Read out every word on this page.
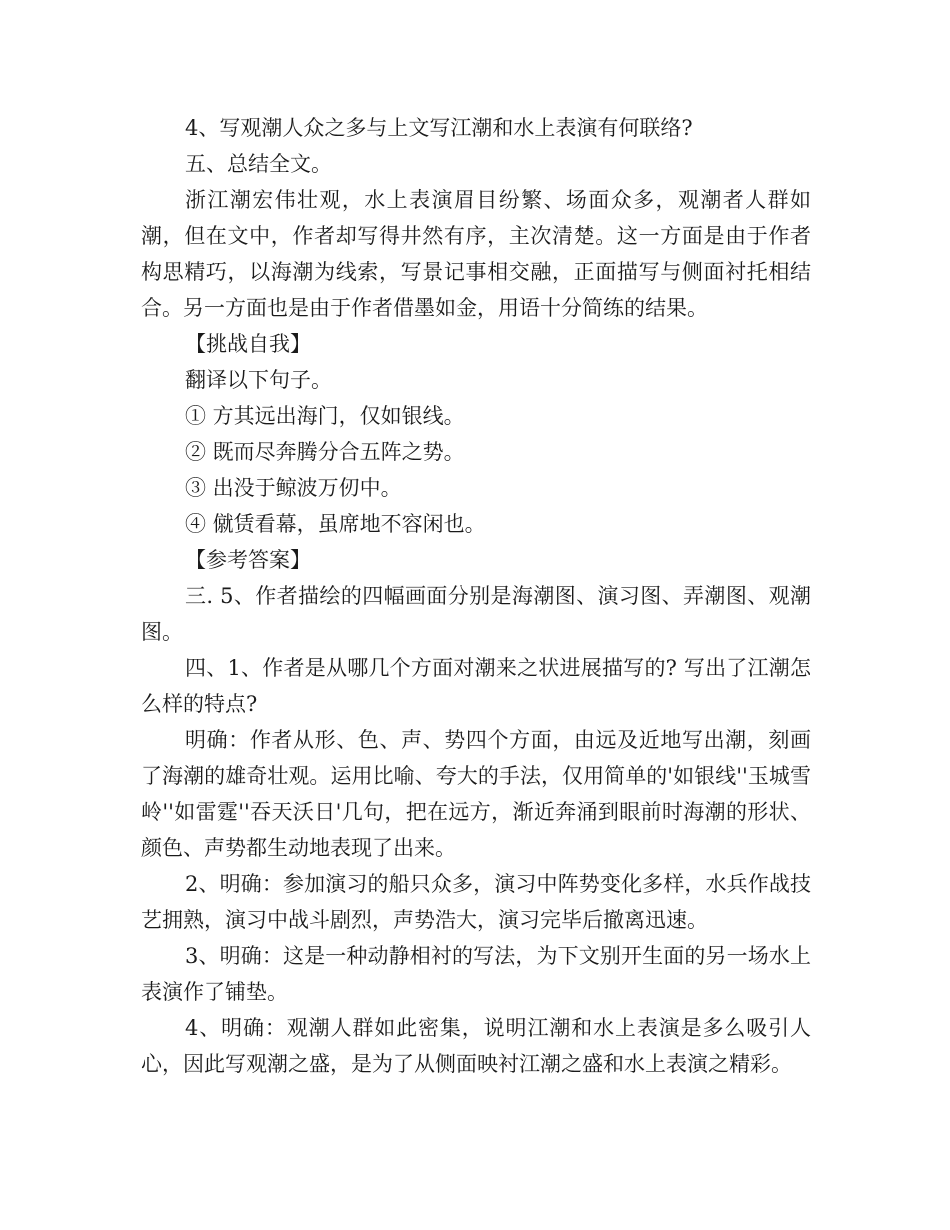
4、写观潮人众之多与上文写江潮和水上表演有何联络?

五、总结全文。

浙江潮宏伟壮观，水上表演眉目纷繁、场面众多，观潮者人群如潮，但在文中，作者却写得井然有序，主次清楚。这一方面是由于作者构思精巧，以海潮为线索，写景记事相交融，正面描写与侧面衬托相结合。另一方面也是由于作者借墨如金，用语十分简练的结果。

【挑战自我】

翻译以下句子。

① 方其远出海门，仅如银线。

② 既而尽奔腾分合五阵之势。

③ 出没于鲸波万仞中。

④ 僦赁看幕，虽席地不容闲也。

【参考答案】

三. 5、作者描绘的四幅画面分别是海潮图、演习图、弄潮图、观潮图。

四、1、作者是从哪几个方面对潮来之状进展描写的? 写出了江潮怎么样的特点?

明确：作者从形、色、声、势四个方面，由远及近地写出潮，刻画了海潮的雄奇壮观。运用比喻、夸大的手法，仅用简单的'如银线''玉城雪岭''如雷霆''吞天沃日'几句，把在远方，渐近奔涌到眼前时海潮的形状、颜色、声势都生动地表现了出来。

2、明确：参加演习的船只众多，演习中阵势变化多样，水兵作战技艺拥熟，演习中战斗剧烈，声势浩大，演习完毕后撤离迅速。

3、明确：这是一种动静相衬的写法，为下文别开生面的另一场水上表演作了铺垫。

4、明确：观潮人群如此密集，说明江潮和水上表演是多么吸引人心，因此写观潮之盛，是为了从侧面映衬江潮之盛和水上表演之精彩。
